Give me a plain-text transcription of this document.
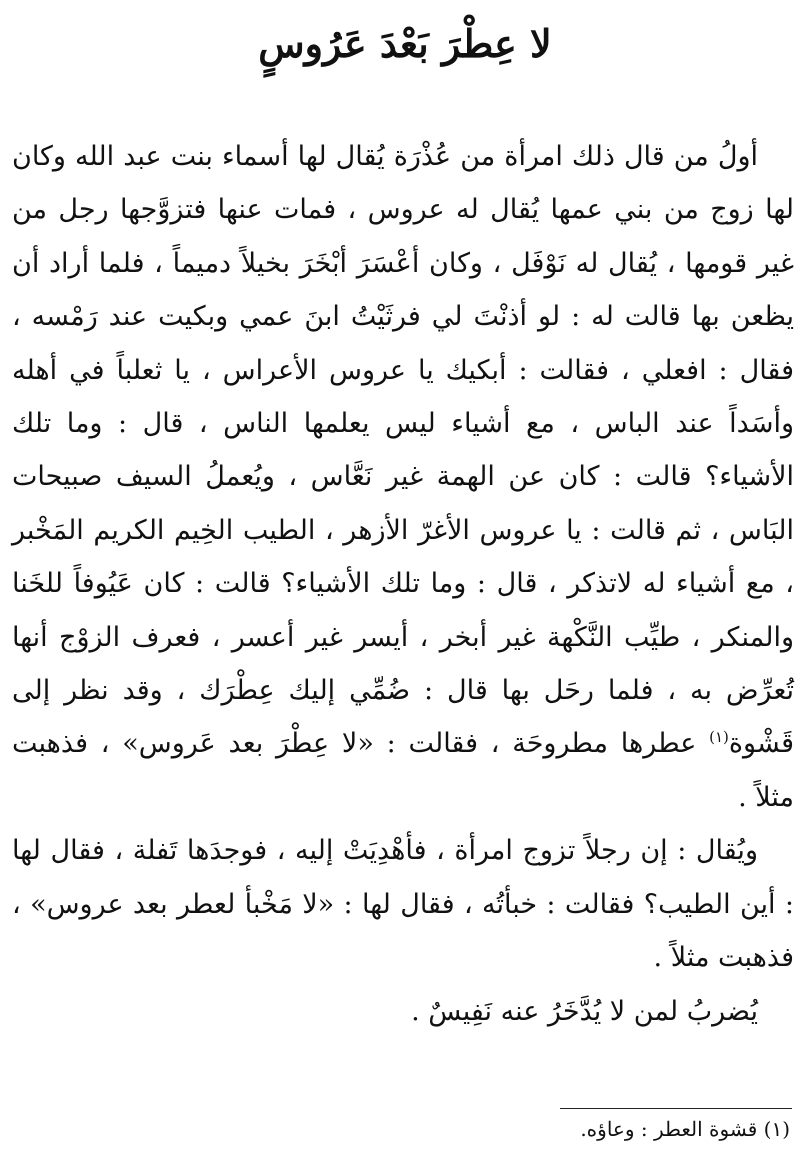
لا عِطْرَ بَعْدَ عَرُوسٍ

أولُ من قال ذلك امرأة من عُذْرَة يُقال لها أسماء بنت عبد الله وكان لها زوج من بني عمها يُقال له عروس ، فمات عنها فتزوَّجها رجل من غير قومها ، يُقال له نَوْفَل ، وكان أعْسَرَ أبْخَرَ بخيلاً دميماً ، فلما أراد أن يظعن بها قالت له : لو أذنْتَ لي فرثَيْتُ ابنَ عمي وبكيت عند رَمْسه ، فقال : افعلي ، فقالت : أبكيك يا عروس الأعراس ، يا ثعلباً في أهله وأسَداً عند الباس ، مع أشياء ليس يعلمها الناس ، قال : وما تلك الأشياء؟ قالت : كان عن الهمة غير نَعَّاس ، ويُعملُ السيف صبيحات البَاس ، ثم قالت : يا عروس الأغرّ الأزهر ، الطيب الخِيم الكريم المَخْبر ، مع أشياء له لاتذكر ، قال : وما تلك الأشياء؟ قالت : كان عَيُوفاً للخَنا والمنكر ، طيِّب النَّكْهة غير أبخر ، أيسر غير أعسر ، فعرف الزوْج أنها تُعرِّض به ، فلما رحَل بها قال : ضُمِّي إليك عِطْرَك ، وقد نظر إلى قَشْوة$^{(١)}$ عطرها مطروحَة ، فقالت : «لا عِطْرَ بعد عَروس» ، فذهبت مثلاً .

ويُقال : إن رجلاً تزوج امرأة ، فأهْدِيَتْ إليه ، فوجدَها تَفلة ، فقال لها : أين الطيب؟ فقالت : خبأتُه ، فقال لها : «لا مَخْبأ لعطر بعد عروس» ، فذهبت مثلاً .

يُضربُ لمن لا يُدَّخَرُ عنه نَفِيسٌ .

(١) قشوة العطر : وعاؤه.
